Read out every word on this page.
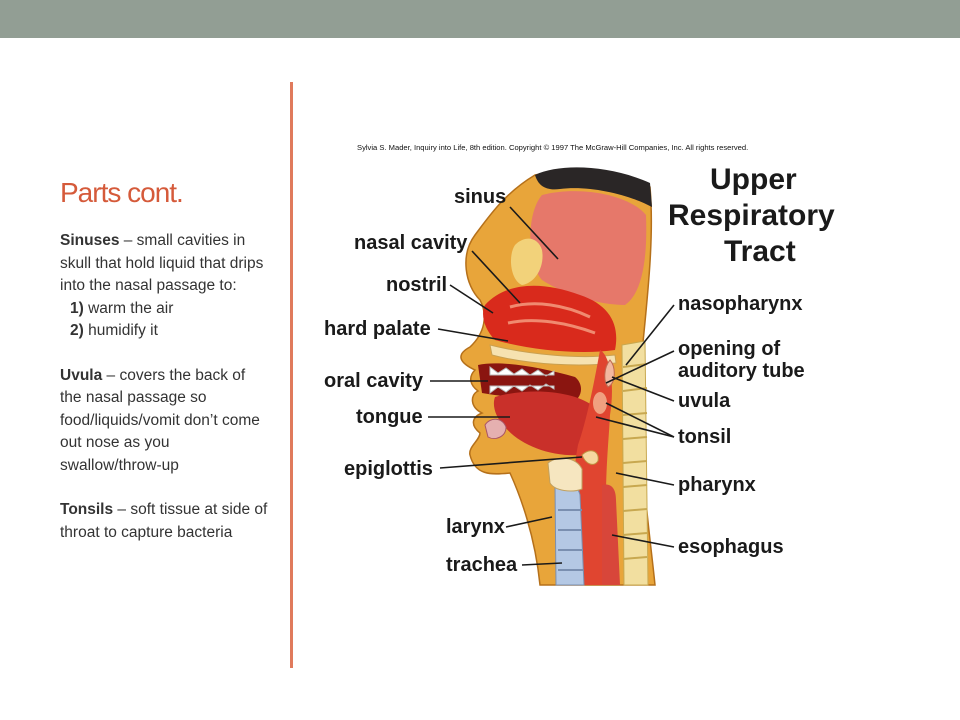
Parts cont.

Sinuses – small cavities in skull that hold liquid that drips into the nasal passage to:

1) warm the air

2) humidify it

Uvula – covers the back of the nasal passage so food/liquids/vomit don’t come out nose as you swallow/throw-up

Tonsils – soft tissue at side of throat to capture bacteria

Sylvia S. Mader, Inquiry into Life, 8th edition. Copyright © 1997 The McGraw-Hill Companies, Inc. All rights reserved.
Upper
Respiratory
Tract
sinus
nasal cavity
nostril
hard palate
oral cavity
tongue
epiglottis
larynx
trachea
nasopharynx
opening of
auditory tube
uvula
tonsil
pharynx
esophagus
